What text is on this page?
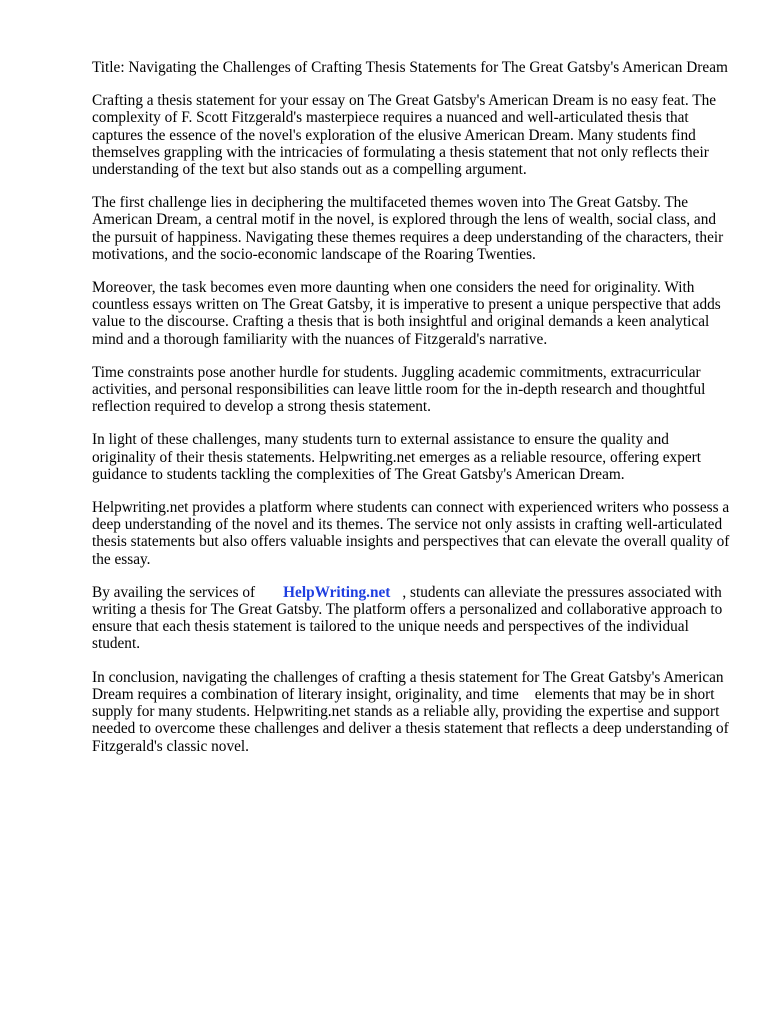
Title: Navigating the Challenges of Crafting Thesis Statements for The Great Gatsby's American Dream

Crafting a thesis statement for your essay on The Great Gatsby's American Dream is no easy feat. The complexity of F. Scott Fitzgerald's masterpiece requires a nuanced and well-articulated thesis that captures the essence of the novel's exploration of the elusive American Dream. Many students find themselves grappling with the intricacies of formulating a thesis statement that not only reflects their understanding of the text but also stands out as a compelling argument.

The first challenge lies in deciphering the multifaceted themes woven into The Great Gatsby. The American Dream, a central motif in the novel, is explored through the lens of wealth, social class, and the pursuit of happiness. Navigating these themes requires a deep understanding of the characters, their motivations, and the socio-economic landscape of the Roaring Twenties.

Moreover, the task becomes even more daunting when one considers the need for originality. With countless essays written on The Great Gatsby, it is imperative to present a unique perspective that adds value to the discourse. Crafting a thesis that is both insightful and original demands a keen analytical mind and a thorough familiarity with the nuances of Fitzgerald's narrative.

Time constraints pose another hurdle for students. Juggling academic commitments, extracurricular activities, and personal responsibilities can leave little room for the in-depth research and thoughtful reflection required to develop a strong thesis statement.

In light of these challenges, many students turn to external assistance to ensure the quality and originality of their thesis statements. Helpwriting.net emerges as a reliable resource, offering expert guidance to students tackling the complexities of The Great Gatsby's American Dream.

Helpwriting.net provides a platform where students can connect with experienced writers who possess a deep understanding of the novel and its themes. The service not only assists in crafting well-articulated thesis statements but also offers valuable insights and perspectives that can elevate the overall quality of the essay.

By availing the services of HelpWriting.net , students can alleviate the pressures associated with writing a thesis for The Great Gatsby. The platform offers a personalized and collaborative approach to ensure that each thesis statement is tailored to the unique needs and perspectives of the individual student.

In conclusion, navigating the challenges of crafting a thesis statement for The Great Gatsby's American Dream requires a combination of literary insight, originality, and time elements that may be in short supply for many students. Helpwriting.net stands as a reliable ally, providing the expertise and support needed to overcome these challenges and deliver a thesis statement that reflects a deep understanding of Fitzgerald's classic novel.
